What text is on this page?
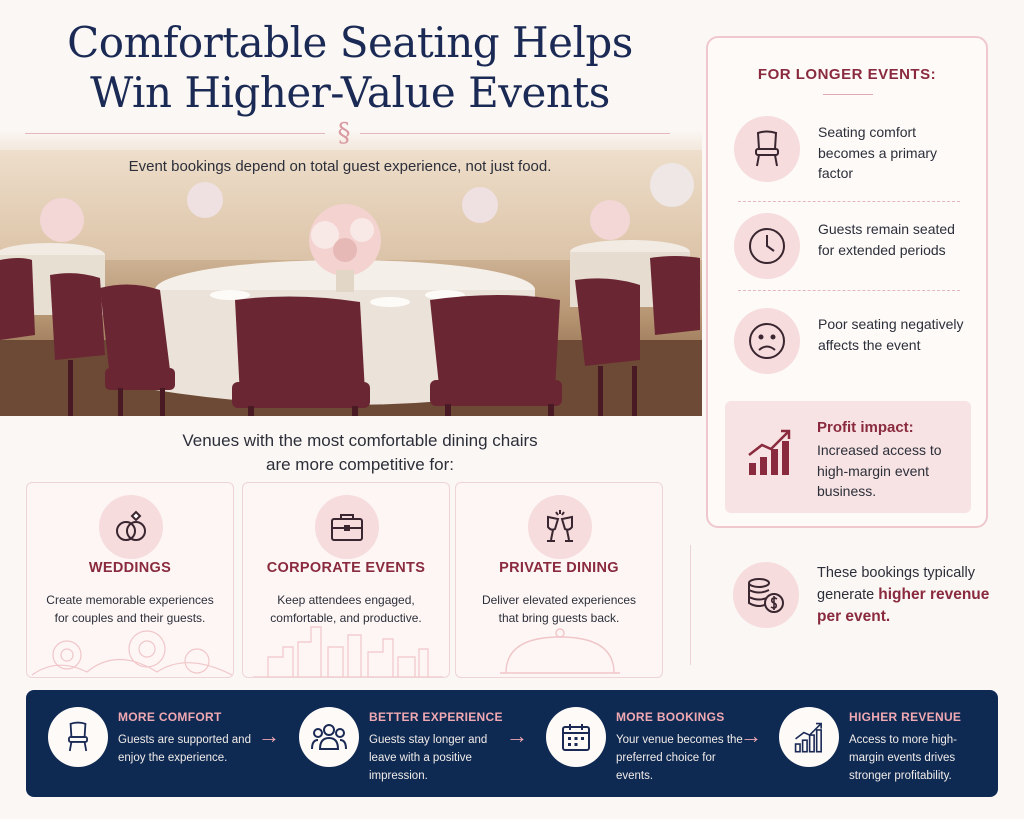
Comfortable Seating Helps
Win Higher-Value Events
§
Event bookings depend on total guest experience, not just food.
Venues with the most comfortable dining chairs
are more competitive for:
WEDDINGS
Create memorable experiences
for couples and their guests.
CORPORATE EVENTS
Keep attendees engaged,
comfortable, and productive.
PRIVATE DINING
Deliver elevated experiences
that bring guests back.
FOR LONGER EVENTS:
Seating comfort becomes a primary factor
Guests remain seated for extended periods
Poor seating negatively affects the event
Profit impact:
Increased access to high-margin event business.
These bookings typically generate higher revenue per event.
MORE COMFORT
Guests are supported and enjoy the experience.
→
BETTER EXPERIENCE
Guests stay longer and leave with a positive impression.
→
MORE BOOKINGS
Your venue becomes the preferred choice for events.
→
HIGHER REVENUE
Access to more high-margin events drives stronger profitability.
